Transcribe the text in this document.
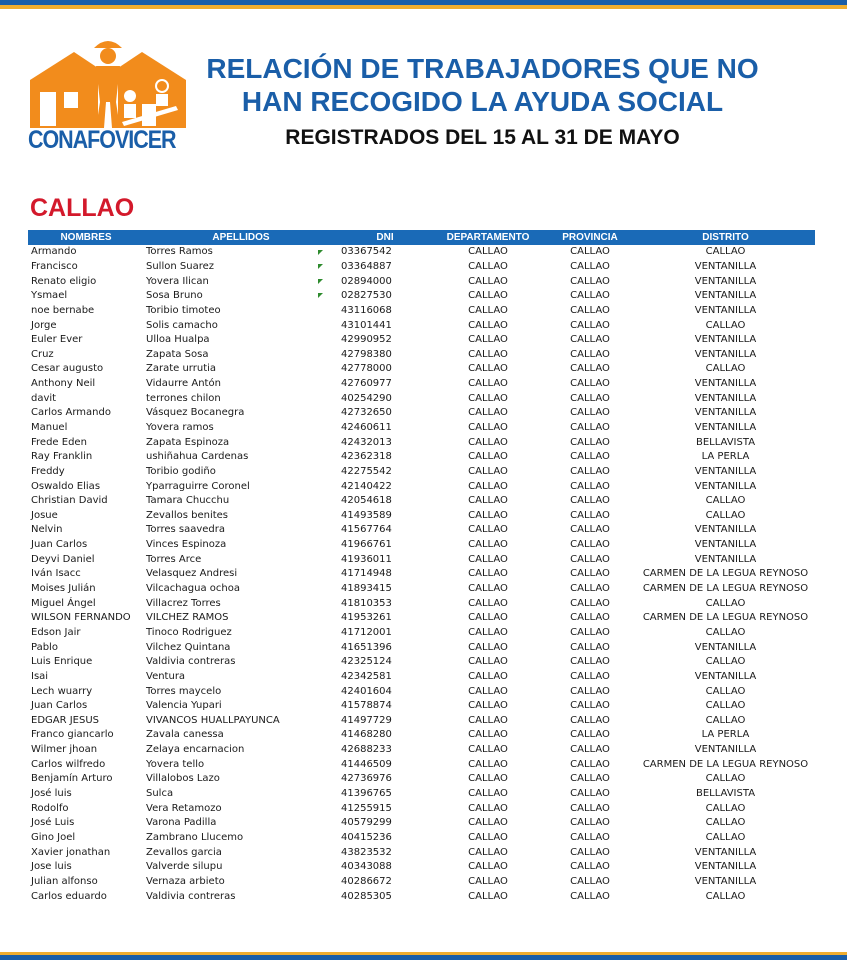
CONAFOVICER
RELACIÓN DE TRABAJADORES QUE NO
HAN RECOGIDO LA AYUDA SOCIAL
REGISTRADOS DEL 15 AL 31 DE MAYO
CALLAO
NOMBRES	APELLIDOS	DNI	DEPARTAMENTO	PROVINCIA	DISTRITO
Armando	Torres Ramos	03367542	CALLAO	CALLAO	CALLAO
Francisco	Sullon Suarez	03364887	CALLAO	CALLAO	VENTANILLA
Renato eligio	Yovera Ilican	02894000	CALLAO	CALLAO	VENTANILLA
Ysmael	Sosa Bruno	02827530	CALLAO	CALLAO	VENTANILLA
noe bernabe	Toribio timoteo	43116068	CALLAO	CALLAO	VENTANILLA
Jorge	Solis camacho	43101441	CALLAO	CALLAO	CALLAO
Euler Ever	Ulloa Hualpa	42990952	CALLAO	CALLAO	VENTANILLA
Cruz	Zapata Sosa	42798380	CALLAO	CALLAO	VENTANILLA
Cesar augusto	Zarate urrutia	42778000	CALLAO	CALLAO	CALLAO
Anthony Neil	Vidaurre Antón	42760977	CALLAO	CALLAO	VENTANILLA
davit	terrones chilon	40254290	CALLAO	CALLAO	VENTANILLA
Carlos Armando	Vásquez Bocanegra	42732650	CALLAO	CALLAO	VENTANILLA
Manuel	Yovera ramos	42460611	CALLAO	CALLAO	VENTANILLA
Frede Eden	Zapata Espinoza	42432013	CALLAO	CALLAO	BELLAVISTA
Ray Franklin	ushiñahua Cardenas	42362318	CALLAO	CALLAO	LA PERLA
Freddy	Toribio godiño	42275542	CALLAO	CALLAO	VENTANILLA
Oswaldo Elias	Yparraguirre Coronel	42140422	CALLAO	CALLAO	VENTANILLA
Christian David	Tamara Chucchu	42054618	CALLAO	CALLAO	CALLAO
Josue	Zevallos benites	41493589	CALLAO	CALLAO	CALLAO
Nelvin	Torres saavedra	41567764	CALLAO	CALLAO	VENTANILLA
Juan Carlos	Vinces Espinoza	41966761	CALLAO	CALLAO	VENTANILLA
Deyvi Daniel	Torres Arce	41936011	CALLAO	CALLAO	VENTANILLA
Iván Isacc	Velasquez Andresi	41714948	CALLAO	CALLAO	CARMEN DE LA LEGUA REYNOSO
Moises Julián	Vilcachagua ochoa	41893415	CALLAO	CALLAO	CARMEN DE LA LEGUA REYNOSO
Miguel Ángel	Villacrez Torres	41810353	CALLAO	CALLAO	CALLAO
WILSON FERNANDO	VILCHEZ RAMOS	41953261	CALLAO	CALLAO	CARMEN DE LA LEGUA REYNOSO
Edson Jair	Tinoco Rodriguez	41712001	CALLAO	CALLAO	CALLAO
Pablo	Vilchez Quintana	41651396	CALLAO	CALLAO	VENTANILLA
Luis Enrique	Valdivia contreras	42325124	CALLAO	CALLAO	CALLAO
Isai	Ventura	42342581	CALLAO	CALLAO	VENTANILLA
Lech wuarry	Torres maycelo	42401604	CALLAO	CALLAO	CALLAO
Juan Carlos	Valencia Yupari	41578874	CALLAO	CALLAO	CALLAO
EDGAR JESUS	VIVANCOS HUALLPAYUNCA	41497729	CALLAO	CALLAO	CALLAO
Franco giancarlo	Zavala canessa	41468280	CALLAO	CALLAO	LA PERLA
Wilmer jhoan	Zelaya encarnacion	42688233	CALLAO	CALLAO	VENTANILLA
Carlos wilfredo	Yovera tello	41446509	CALLAO	CALLAO	CARMEN DE LA LEGUA REYNOSO
Benjamín Arturo	Villalobos Lazo	42736976	CALLAO	CALLAO	CALLAO
José luis	Sulca	41396765	CALLAO	CALLAO	BELLAVISTA
Rodolfo	Vera Retamozo	41255915	CALLAO	CALLAO	CALLAO
José Luis	Varona Padilla	40579299	CALLAO	CALLAO	CALLAO
Gino Joel	Zambrano Llucemo	40415236	CALLAO	CALLAO	CALLAO
Xavier jonathan	Zevallos garcia	43823532	CALLAO	CALLAO	VENTANILLA
Jose luis	Valverde silupu	40343088	CALLAO	CALLAO	VENTANILLA
Julian alfonso	Vernaza arbieto	40286672	CALLAO	CALLAO	VENTANILLA
Carlos eduardo	Valdivia contreras	40285305	CALLAO	CALLAO	CALLAO
